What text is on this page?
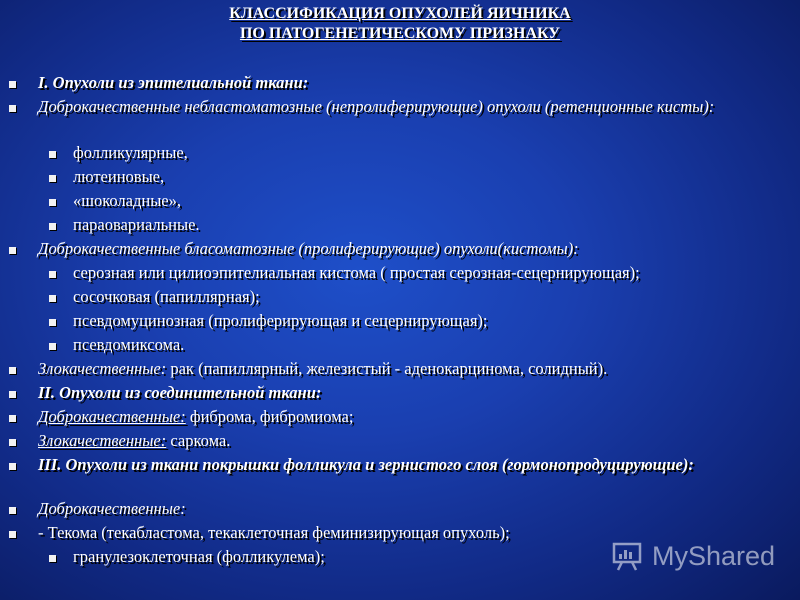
КЛАССИФИКАЦИЯ ОПУХОЛЕЙ ЯИЧНИКА
ПО ПАТОГЕНЕТИЧЕСКОМУ ПРИЗНАКУ
I. Опухоли из эпителиальной ткани:
Доброкачественные небластоматозные (непролиферирующие) опухоли (ретенционные кисты):
фолликулярные,
лютеиновые,
«шоколадные»,
параовариальные.
Доброкачественные бласоматозные (пролиферирующие) опухоли(кистомы):
серозная или цилиоэпителиальная кистома ( простая серозная-сецернирующая);
сосочковая (папиллярная);
псевдомуцинозная (пролиферирующая и сецернирующая);
псевдомиксома.
Злокачественные: рак (папиллярный, железистый - аденокарцинома, солидный).
II. Опухоли из соединительной ткани:
Доброкачественные: фиброма, фибромиома;
Злокачественные: саркома.
III. Опухоли из ткани покрышки фолликула и зернистого слоя (гормонопродуцирующие):
Доброкачественные:
- Текома (текабластома, текаклеточная феминизирующая опухоль);
гранулезоклеточная (фолликулема);	MyShared
